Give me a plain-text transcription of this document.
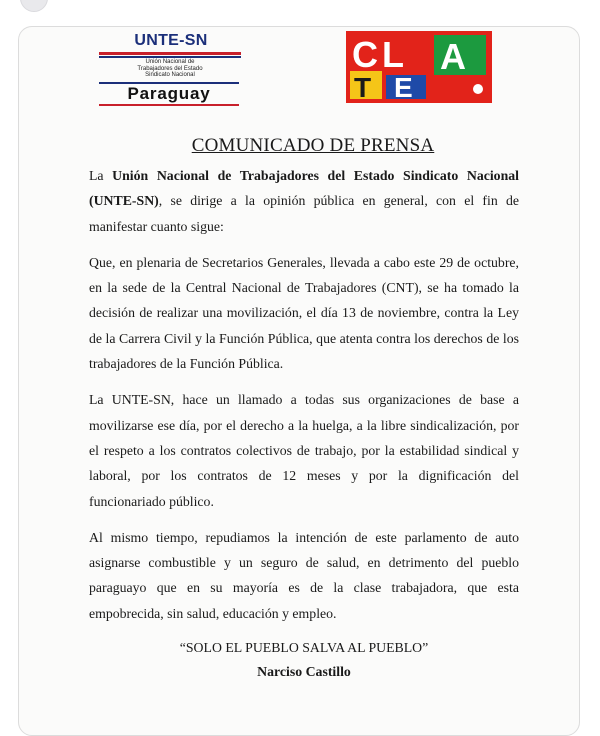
UNTE-SN
Unión Nacional de
Trabajadores del Estado
Sindicato Nacional
Paraguay
C L A
T E
COMUNICADO DE PRENSA

La Unión Nacional de Trabajadores del Estado Sindicato Nacional (UNTE-SN), se dirige a la opinión pública en general, con el fin de manifestar cuanto sigue:

Que, en plenaria de Secretarios Generales, llevada a cabo este 29 de octubre, en la sede de la Central Nacional de Trabajadores (CNT), se ha tomado la decisión de realizar una movilización, el día 13 de noviembre, contra la Ley de la Carrera Civil y la Función Pública, que atenta contra los derechos de los trabajadores de la Función Pública.

La UNTE-SN, hace un llamado a todas sus organizaciones de base a movilizarse ese día, por el derecho a la huelga, a la libre sindicalización, por el respeto a los contratos colectivos de trabajo, por la estabilidad sindical y laboral, por los contratos de 12 meses y por la dignificación del funcionariado público.

Al mismo tiempo, repudiamos la intención de este parlamento de auto asignarse combustible y un seguro de salud, en detrimento del pueblo paraguayo que en su mayoría es de la clase trabajadora, que esta empobrecida, sin salud, educación y empleo.

“SOLO EL PUEBLO SALVA AL PUEBLO”
Narciso Castillo
